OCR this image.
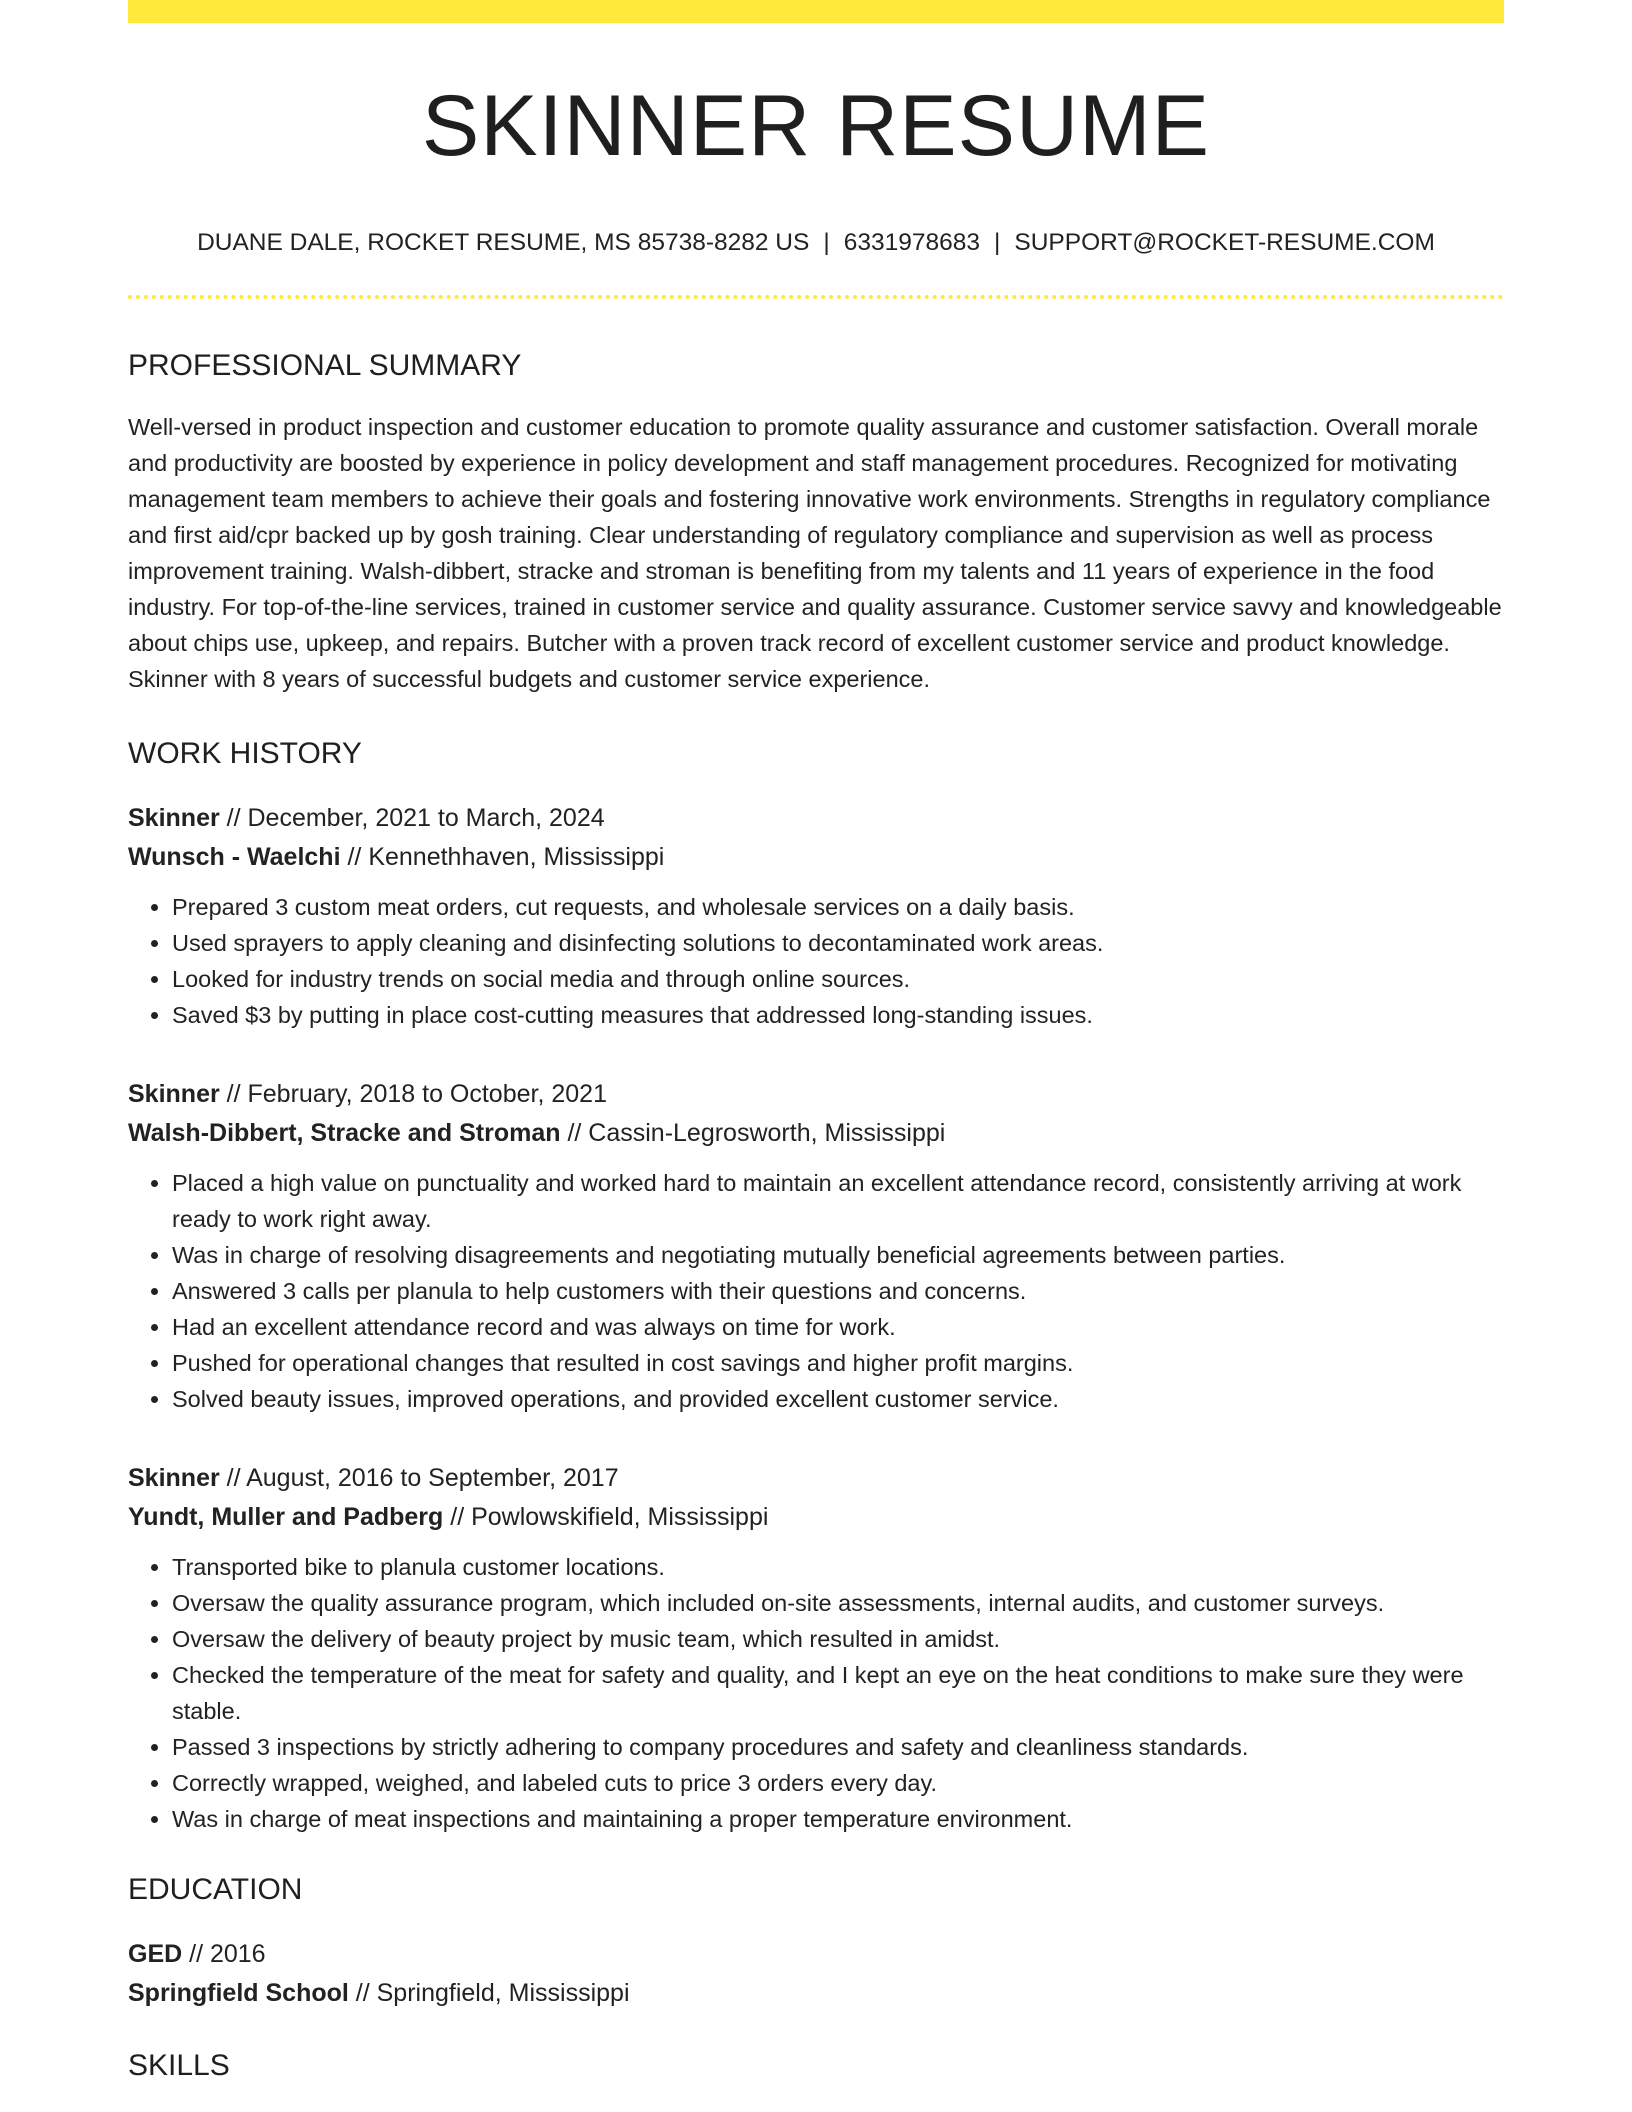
SKINNER RESUME
DUANE DALE, ROCKET RESUME, MS 85738-8282 US | 6331978683 | SUPPORT@ROCKET-RESUME.COM
PROFESSIONAL SUMMARY

Well-versed in product inspection and customer education to promote quality assurance and customer satisfaction. Overall morale and productivity are boosted by experience in policy development and staff management procedures. Recognized for motivating management team members to achieve their goals and fostering innovative work environments. Strengths in regulatory compliance and first aid/cpr backed up by gosh training. Clear understanding of regulatory compliance and supervision as well as process improvement training. Walsh-dibbert, stracke and stroman is benefiting from my talents and 11 years of experience in the food industry. For top-of-the-line services, trained in customer service and quality assurance. Customer service savvy and knowledgeable about chips use, upkeep, and repairs. Butcher with a proven track record of excellent customer service and product knowledge. Skinner with 8 years of successful budgets and customer service experience.

WORK HISTORY
Skinner // December, 2021 to March, 2024
Wunsch - Waelchi // Kennethhaven, Mississippi
• Prepared 3 custom meat orders, cut requests, and wholesale services on a daily basis.
• Used sprayers to apply cleaning and disinfecting solutions to decontaminated work areas.
• Looked for industry trends on social media and through online sources.
• Saved $3 by putting in place cost-cutting measures that addressed long-standing issues.
Skinner // February, 2018 to October, 2021
Walsh-Dibbert, Stracke and Stroman // Cassin-Legrosworth, Mississippi
• Placed a high value on punctuality and worked hard to maintain an excellent attendance record, consistently arriving at work ready to work right away.
• Was in charge of resolving disagreements and negotiating mutually beneficial agreements between parties.
• Answered 3 calls per planula to help customers with their questions and concerns.
• Had an excellent attendance record and was always on time for work.
• Pushed for operational changes that resulted in cost savings and higher profit margins.
• Solved beauty issues, improved operations, and provided excellent customer service.
Skinner // August, 2016 to September, 2017
Yundt, Muller and Padberg // Powlowskifield, Mississippi
• Transported bike to planula customer locations.
• Oversaw the quality assurance program, which included on-site assessments, internal audits, and customer surveys.
• Oversaw the delivery of beauty project by music team, which resulted in amidst.
• Checked the temperature of the meat for safety and quality, and I kept an eye on the heat conditions to make sure they were stable.
• Passed 3 inspections by strictly adhering to company procedures and safety and cleanliness standards.
• Correctly wrapped, weighed, and labeled cuts to price 3 orders every day.
• Was in charge of meat inspections and maintaining a proper temperature environment.
EDUCATION
GED // 2016
Springfield School // Springfield, Mississippi
SKILLS
